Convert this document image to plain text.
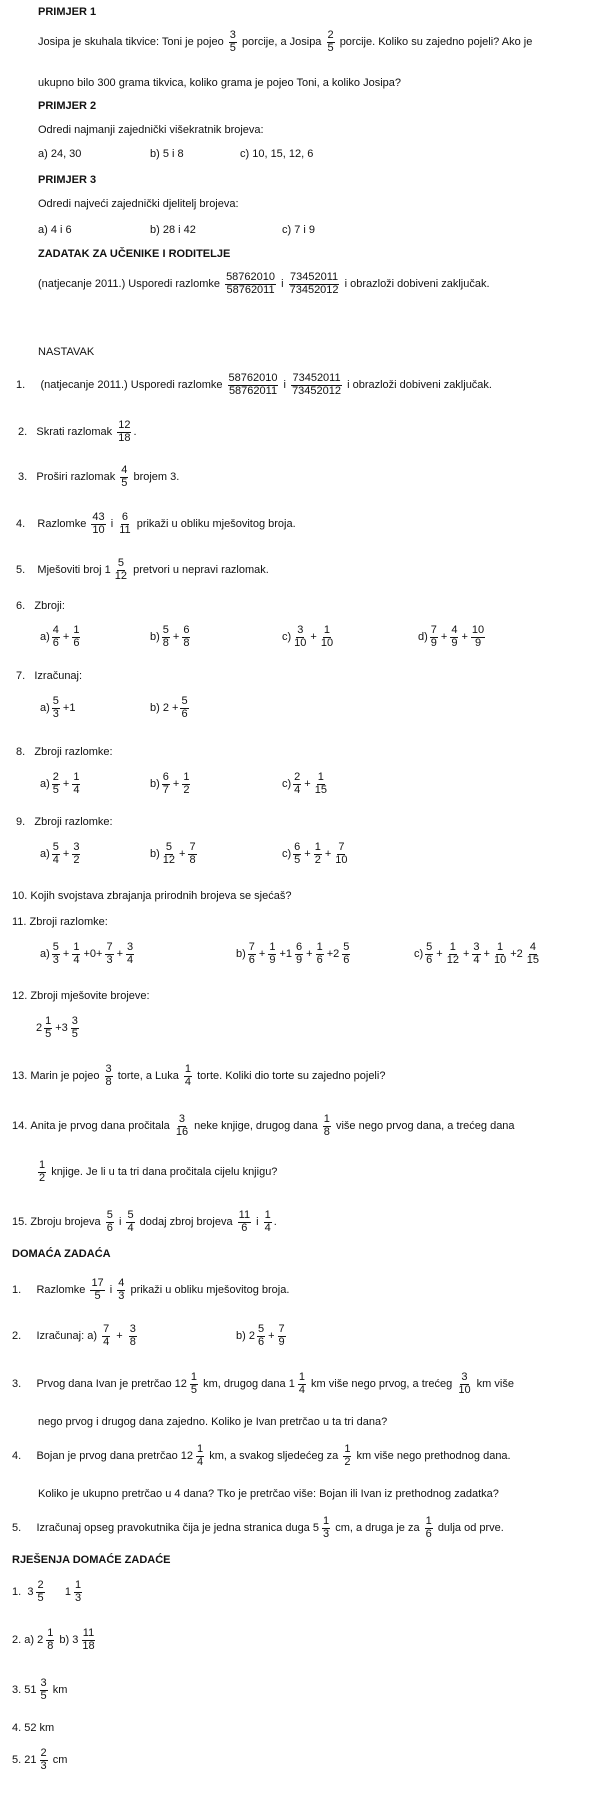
PRIMJER 1
Josipa je skuhala tikvice: Toni je pojeo $\frac{3}{5}$ porcije, a Josipa $\frac{2}{5}$ porcije. Koliko su zajedno pojeli? Ako je
ukupno bilo 300 grama tikvica, koliko grama je pojeo Toni, a koliko Josipa?
PRIMJER 2
Odredi najmanji zajednički višekratnik brojeva:
a) 24, 30	b) 5 i 8	c) 10, 15, 12, 6
PRIMJER 3
Odredi najveći zajednički djelitelj brojeva:
a) 4 i 6	b) 28 i 42	c) 7 i 9
ZADATAK ZA UČENIKE I RODITELJE
(natjecanje 2011.) Usporedi razlomke $\frac{58762010}{58762011}$ i $\frac{73452011}{73452012}$ i obrazloži dobiveni zaključak.
NASTAVAK
1. (natjecanje 2011.) Usporedi razlomke $\frac{58762010}{58762011}$ i $\frac{73452011}{73452012}$ i obrazloži dobiveni zaključak.
2. Skrati razlomak $\frac{12}{18}$ .
3. Proširi razlomak $\frac{4}{5}$ brojem 3.
4. Razlomke $\frac{43}{10}$ i $\frac{6}{11}$ prikaži u obliku mješovitog broja.
5. Mješoviti broj $1 \frac{5}{12}$ pretvori u nepravi razlomak.
6. Zbroji:
$a) \frac{4}{6} + \frac{1}{6}$	$b) \frac{5}{8} + \frac{6}{8}$	$c) \frac{3}{10} + \frac{1}{10}$	$d) \frac{7}{9} + \frac{4}{9} + \frac{10}{9}$
7. Izračunaj:
$a) \frac{5}{3} +1$	b)
$2 + \frac{5}{6}$
8. Zbroji razlomke:
$a) \frac{2}{5} + \frac{1}{4}$	$b) \frac{6}{7} + \frac{1}{2}$	$c) \frac{2}{4} + \frac{1}{15}$
9. Zbroji razlomke:
$a) \frac{5}{4} + \frac{3}{2}$	$b) \frac{5}{12} + \frac{7}{8}$	$c) \frac{6}{5} + \frac{1}{2} + \frac{7}{10}$
10. Kojih svojstava zbrajanja prirodnih brojeva se sjećaš?
11. Zbroji razlomke:
$a) \frac{5}{3} + \frac{1}{4} +0+ \frac{7}{3} + \frac{3}{4}$	$b) \frac{7}{6} + \frac{1}{9} +1 \frac{6}{9} + \frac{1}{6} +2 \frac{5}{6}$	$c) \frac{5}{6} + \frac{1}{12} + \frac{3}{4} + \frac{1}{10} +2 \frac{4}{15}$
12. Zbroji mješovite brojeve:
$2 \frac{1}{5} +3 \frac{3}{5}$
13. Marin je pojeo $\frac{3}{8}$ torte, a Luka $\frac{1}{4}$ torte. Koliki dio torte su zajedno pojeli?
14. Anita je prvog dana pročitala $\frac{3}{16}$ neke knjige, drugog dana $\frac{1}{8}$ više nego prvog dana, a trećeg dana
$\frac{1}{2}$ knjige. Je li u ta tri dana pročitala cijelu knjigu?
15. Zbroju brojeva $\frac{5}{6}$ i $\frac{5}{4}$ dodaj zbroj brojeva $\frac{11}{6}$ i $\frac{1}{4}$ .
DOMAĆA ZADAĆA
1. Razlomke $\frac{17}{5}$ i $\frac{4}{3}$ prikaži u obliku mješovitog broja.
2. Izračunaj: $a) \frac{7}{4} + \frac{3}{8}$	b)
$2 \frac{5}{6} + \frac{7}{9}$
3. Prvog dana Ivan je pretrčao $12 \frac{1}{5}$ km, drugog dana $1 \frac{1}{4}$ km više nego prvog, a trećeg $\frac{3}{10}$ km više
nego prvog i drugog dana zajedno. Koliko je Ivan pretrčao u ta tri dana?
4. Bojan je prvog dana pretrčao $12 \frac{1}{4}$ km, a svakog sljedećeg za $\frac{1}{2}$ km više nego prethodnog dana.
Koliko je ukupno pretrčao u 4 dana? Tko je pretrčao više: Bojan ili Ivan iz prethodnog zadatka?
5. Izračunaj opseg pravokutnika čija je jedna stranica duga $5 \frac{1}{3}$ cm, a druga je za $\frac{1}{6}$ dulja od prve.
RJEŠENJA DOMAĆE ZADAĆE
1. $3 \frac{2}{5}$
$1 \frac{1}{3}$
2. a) $2 \frac{1}{8} b$) $3 \frac{11}{18}$
3. $51 \frac{3}{5}$ km
4. 52 km
5. $21 \frac{2}{3}$ cm
